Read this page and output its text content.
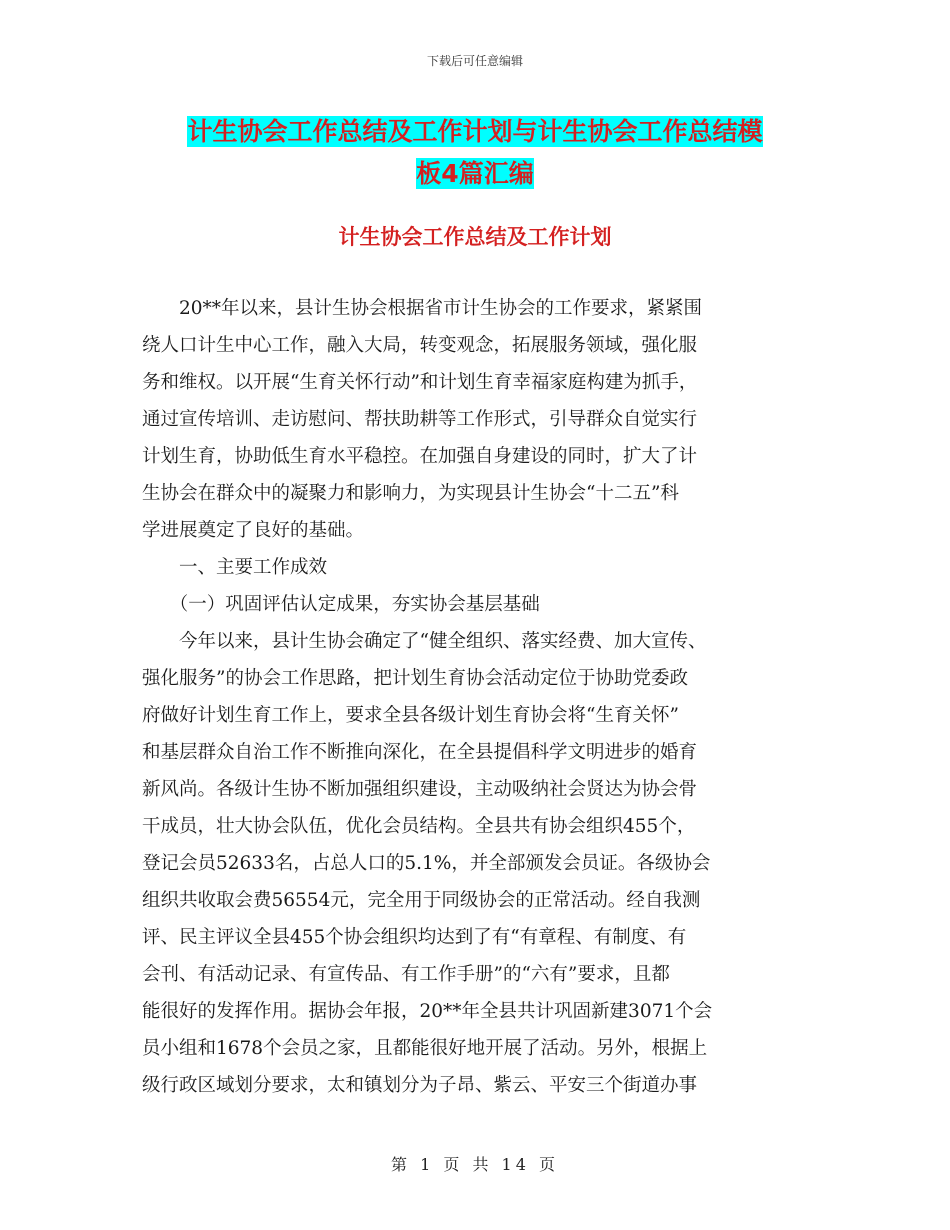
下载后可任意编辑
计生协会工作总结及工作计划与计生协会工作总结模
板4篇汇编
计生协会工作总结及工作计划
　　20**年以来，县计生协会根据省市计生协会的工作要求，紧紧围
绕人口计生中心工作，融入大局，转变观念，拓展服务领域，强化服
务和维权。以开展“生育关怀行动”和计划生育幸福家庭构建为抓手，
通过宣传培训、走访慰问、帮扶助耕等工作形式，引导群众自觉实行
计划生育，协助低生育水平稳控。在加强自身建设的同时，扩大了计
生协会在群众中的凝聚力和影响力，为实现县计生协会“十二五”科
学进展奠定了良好的基础。
　　一、主要工作成效
　　（一）巩固评估认定成果，夯实协会基层基础
　　今年以来，县计生协会确定了“健全组织、落实经费、加大宣传、
强化服务”的协会工作思路，把计划生育协会活动定位于协助党委政
府做好计划生育工作上，要求全县各级计划生育协会将“生育关怀”
和基层群众自治工作不断推向深化，在全县提倡科学文明进步的婚育
新风尚。各级计生协不断加强组织建设，主动吸纳社会贤达为协会骨
干成员，壮大协会队伍，优化会员结构。全县共有协会组织455个，
登记会员52633名，占总人口的5.1%，并全部颁发会员证。各级协会
组织共收取会费56554元，完全用于同级协会的正常活动。经自我测
评、民主评议全县455个协会组织均达到了有“有章程、有制度、有
会刊、有活动记录、有宣传品、有工作手册”的“六有”要求，且都
能很好的发挥作用。据协会年报，20**年全县共计巩固新建3071个会
员小组和1678个会员之家，且都能很好地开展了活动。另外，根据上
级行政区域划分要求，太和镇划分为子昂、紫云、平安三个街道办事
第 1 页 共 14 页
